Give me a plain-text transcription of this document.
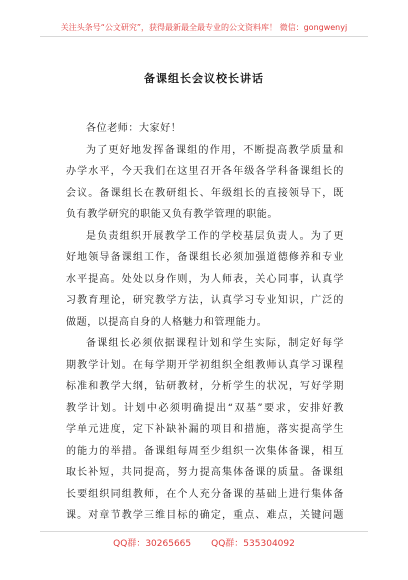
关注头条号“公文研究”，获得最新最全最专业的公文资料库！ 微信：gongwenyj
备课组长会议校长讲话
各位老师：大家好！
为了更好地发挥备课组的作用，不断提高教学质量和
办学水平，今天我们在这里召开各年级各学科备课组长的
会议。备课组长在教研组长、年级组长的直接领导下，既
负有教学研究的职能又负有教学管理的职能。
是负责组织开展教学工作的学校基层负责人。为了更
好地领导备课组工作，备课组长必须加强道德修养和专业
水平提高。处处以身作则，为人师表，关心同事，认真学
习教育理论，研究教学方法，认真学习专业知识，广泛的
做题，以提高自身的人格魅力和管理能力。
备课组长必须依据课程计划和学生实际，制定好每学
期教学计划。在每学期开学初组织全组教师认真学习课程
标准和教学大纲，钻研教材，分析学生的状况，写好学期
教学计划。计划中必须明确提出“双基”要求，安排好教
学单元进度，定下补缺补漏的项目和措施，落实提高学生
的能力的举措。备课组每周至少组织一次集体备课，相互
取长补短，共同提高，努力提高集体备课的质量。备课组
长要组织同组教师，在个人充分备课的基础上进行集体备
课。对章节教学三维目标的确定，重点、难点，关键问题
QQ群：30265665 QQ群：535304092
